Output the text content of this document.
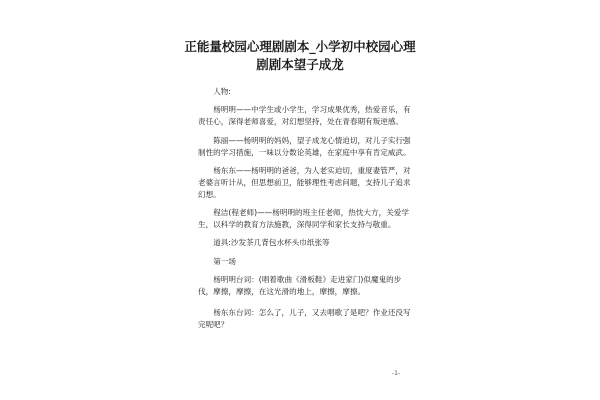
正能量校园心理剧剧本_小学初中校园心理
剧剧本望子成龙

人物:

杨明明——中学生或小学生，学习成果优秀，热爱音乐，有责任心，深得老师喜爱，对幻想坚持，处在青春期有叛逆感。

陈丽——杨明明的妈妈，望子成龙心情迫切，对儿子实行强制性的学习措施，一味以分数论英雄，在家庭中享有肯定威武。

杨东东——杨明明的爸爸，为人老实迫切，重度妻管严，对老婆言听计从，但思想前卫，能够理性考虑问题，支持儿子追求幻想。

程洁(程老师)——杨明明的班主任老师，热忱大方，关爱学生，以科学的教育方法施教，深得同学和家长支持与敬重。

道具:沙发茶几背包水杯头巾纸张等

第一场

杨明明台词：(唱着歌曲《滑板鞋》走进家门)似魔鬼的步伐，摩擦，摩擦，在这光滑的地上，摩擦，摩擦。

杨东东台词：怎么了，儿子，又去唱歌了是吧？作业还没写完呢吧？

-1-
